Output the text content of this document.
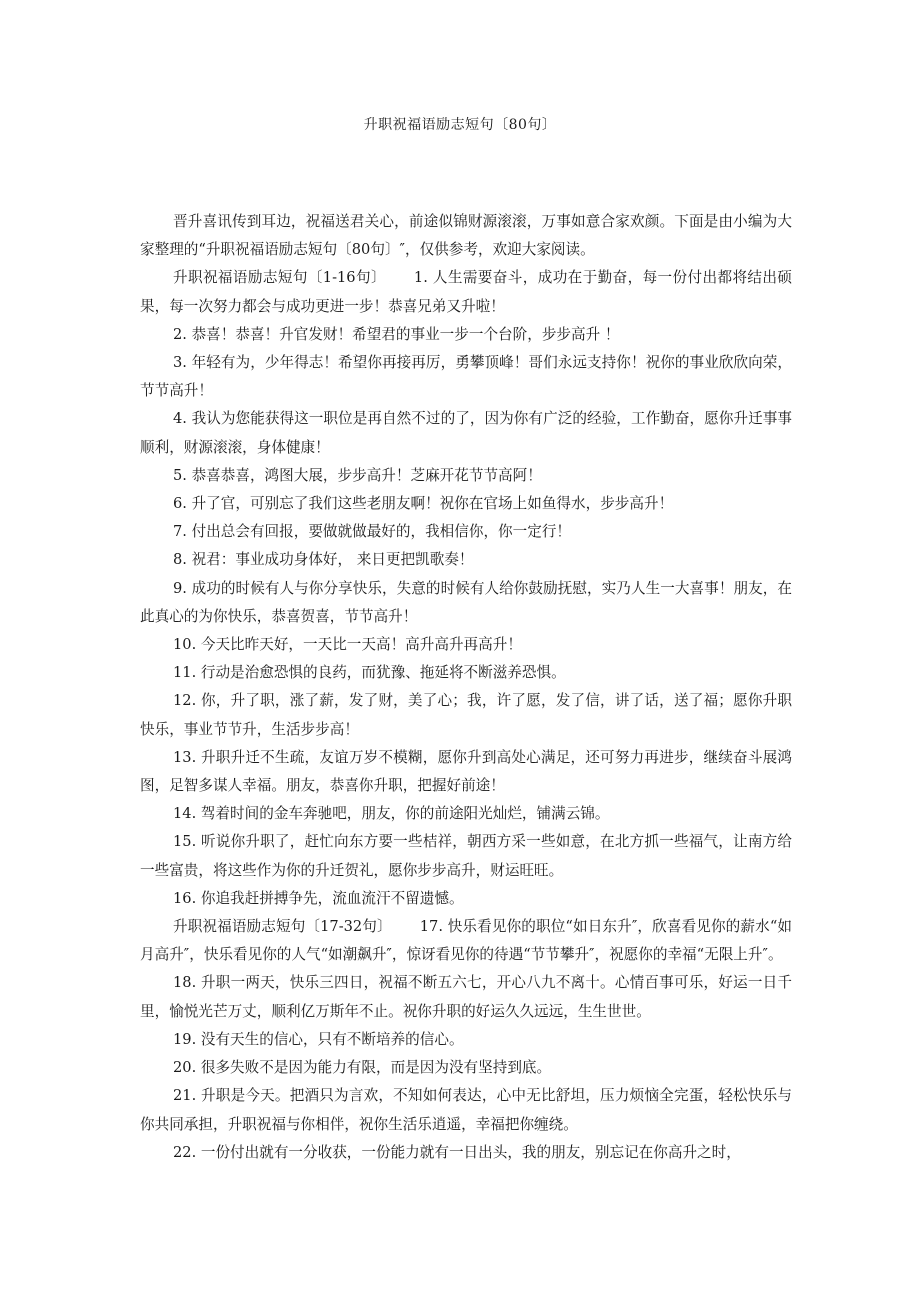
升职祝福语励志短句〔80句〕

晋升喜讯传到耳边，祝福送君关心，前途似锦财源滚滚，万事如意合家欢颜。下面是由小编为大家整理的“升职祝福语励志短句〔80句〕″，仅供参考，欢迎大家阅读。

升职祝福语励志短句〔1-16句〕 1. 人生需要奋斗，成功在于勤奋，每一份付出都将结出硕果，每一次努力都会与成功更进一步！恭喜兄弟又升啦！

2. 恭喜！恭喜！升官发财！希望君的事业一步一个台阶，步步高升 ！

3. 年轻有为，少年得志！希望你再接再厉，勇攀顶峰！哥们永远支持你！祝你的事业欣欣向荣，节节高升！

4. 我认为您能获得这一职位是再自然不过的了，因为你有广泛的经验，工作勤奋，愿你升迁事事顺利，财源滚滚，身体健康！

5. 恭喜恭喜，鸿图大展，步步高升！芝麻开花节节高阿！

6. 升了官，可别忘了我们这些老朋友啊！祝你在官场上如鱼得水，步步高升！

7. 付出总会有回报，要做就做最好的，我相信你，你一定行！

8. 祝君：事业成功身体好， 来日更把凯歌奏！

9. 成功的时候有人与你分享快乐，失意的时候有人给你鼓励抚慰，实乃人生一大喜事！朋友，在此真心的为你快乐，恭喜贺喜，节节高升！

10. 今天比昨天好，一天比一天高！高升高升再高升！

11. 行动是治愈恐惧的良药，而犹豫、拖延将不断滋养恐惧。

12. 你，升了职，涨了薪，发了财，美了心；我，许了愿，发了信，讲了话，送了福；愿你升职快乐，事业节节升，生活步步高！

13. 升职升迁不生疏，友谊万岁不模糊，愿你升到高处心满足，还可努力再进步，继续奋斗展鸿图，足智多谋人幸福。朋友，恭喜你升职，把握好前途！

14. 驾着时间的金车奔驰吧，朋友，你的前途阳光灿烂，铺满云锦。

15. 听说你升职了，赶忙向东方要一些桔祥，朝西方采一些如意，在北方抓一些福气，让南方给一些富贵，将这些作为你的升迁贺礼，愿你步步高升，财运旺旺。

16. 你追我赶拼搏争先，流血流汗不留遗憾。

升职祝福语励志短句〔17-32句〕 17. 快乐看见你的职位“如日东升″，欣喜看见你的薪水“如月高升″，快乐看见你的人气“如潮飙升″，惊讶看见你的待遇“节节攀升″，祝愿你的幸福“无限上升″。

18. 升职一两天，快乐三四日，祝福不断五六七，开心八九不离十。心情百事可乐，好运一日千里，愉悦光芒万丈，顺利亿万斯年不止。祝你升职的好运久久远远，生生世世。

19. 没有天生的信心，只有不断培养的信心。

20. 很多失败不是因为能力有限，而是因为没有坚持到底。

21. 升职是今天。把酒只为言欢，不知如何表达，心中无比舒坦，压力烦恼全完蛋，轻松快乐与你共同承担，升职祝福与你相伴，祝你生活乐逍遥，幸福把你缠绕。

22. 一份付出就有一分收获，一份能力就有一日出头，我的朋友，别忘记在你高升之时，
